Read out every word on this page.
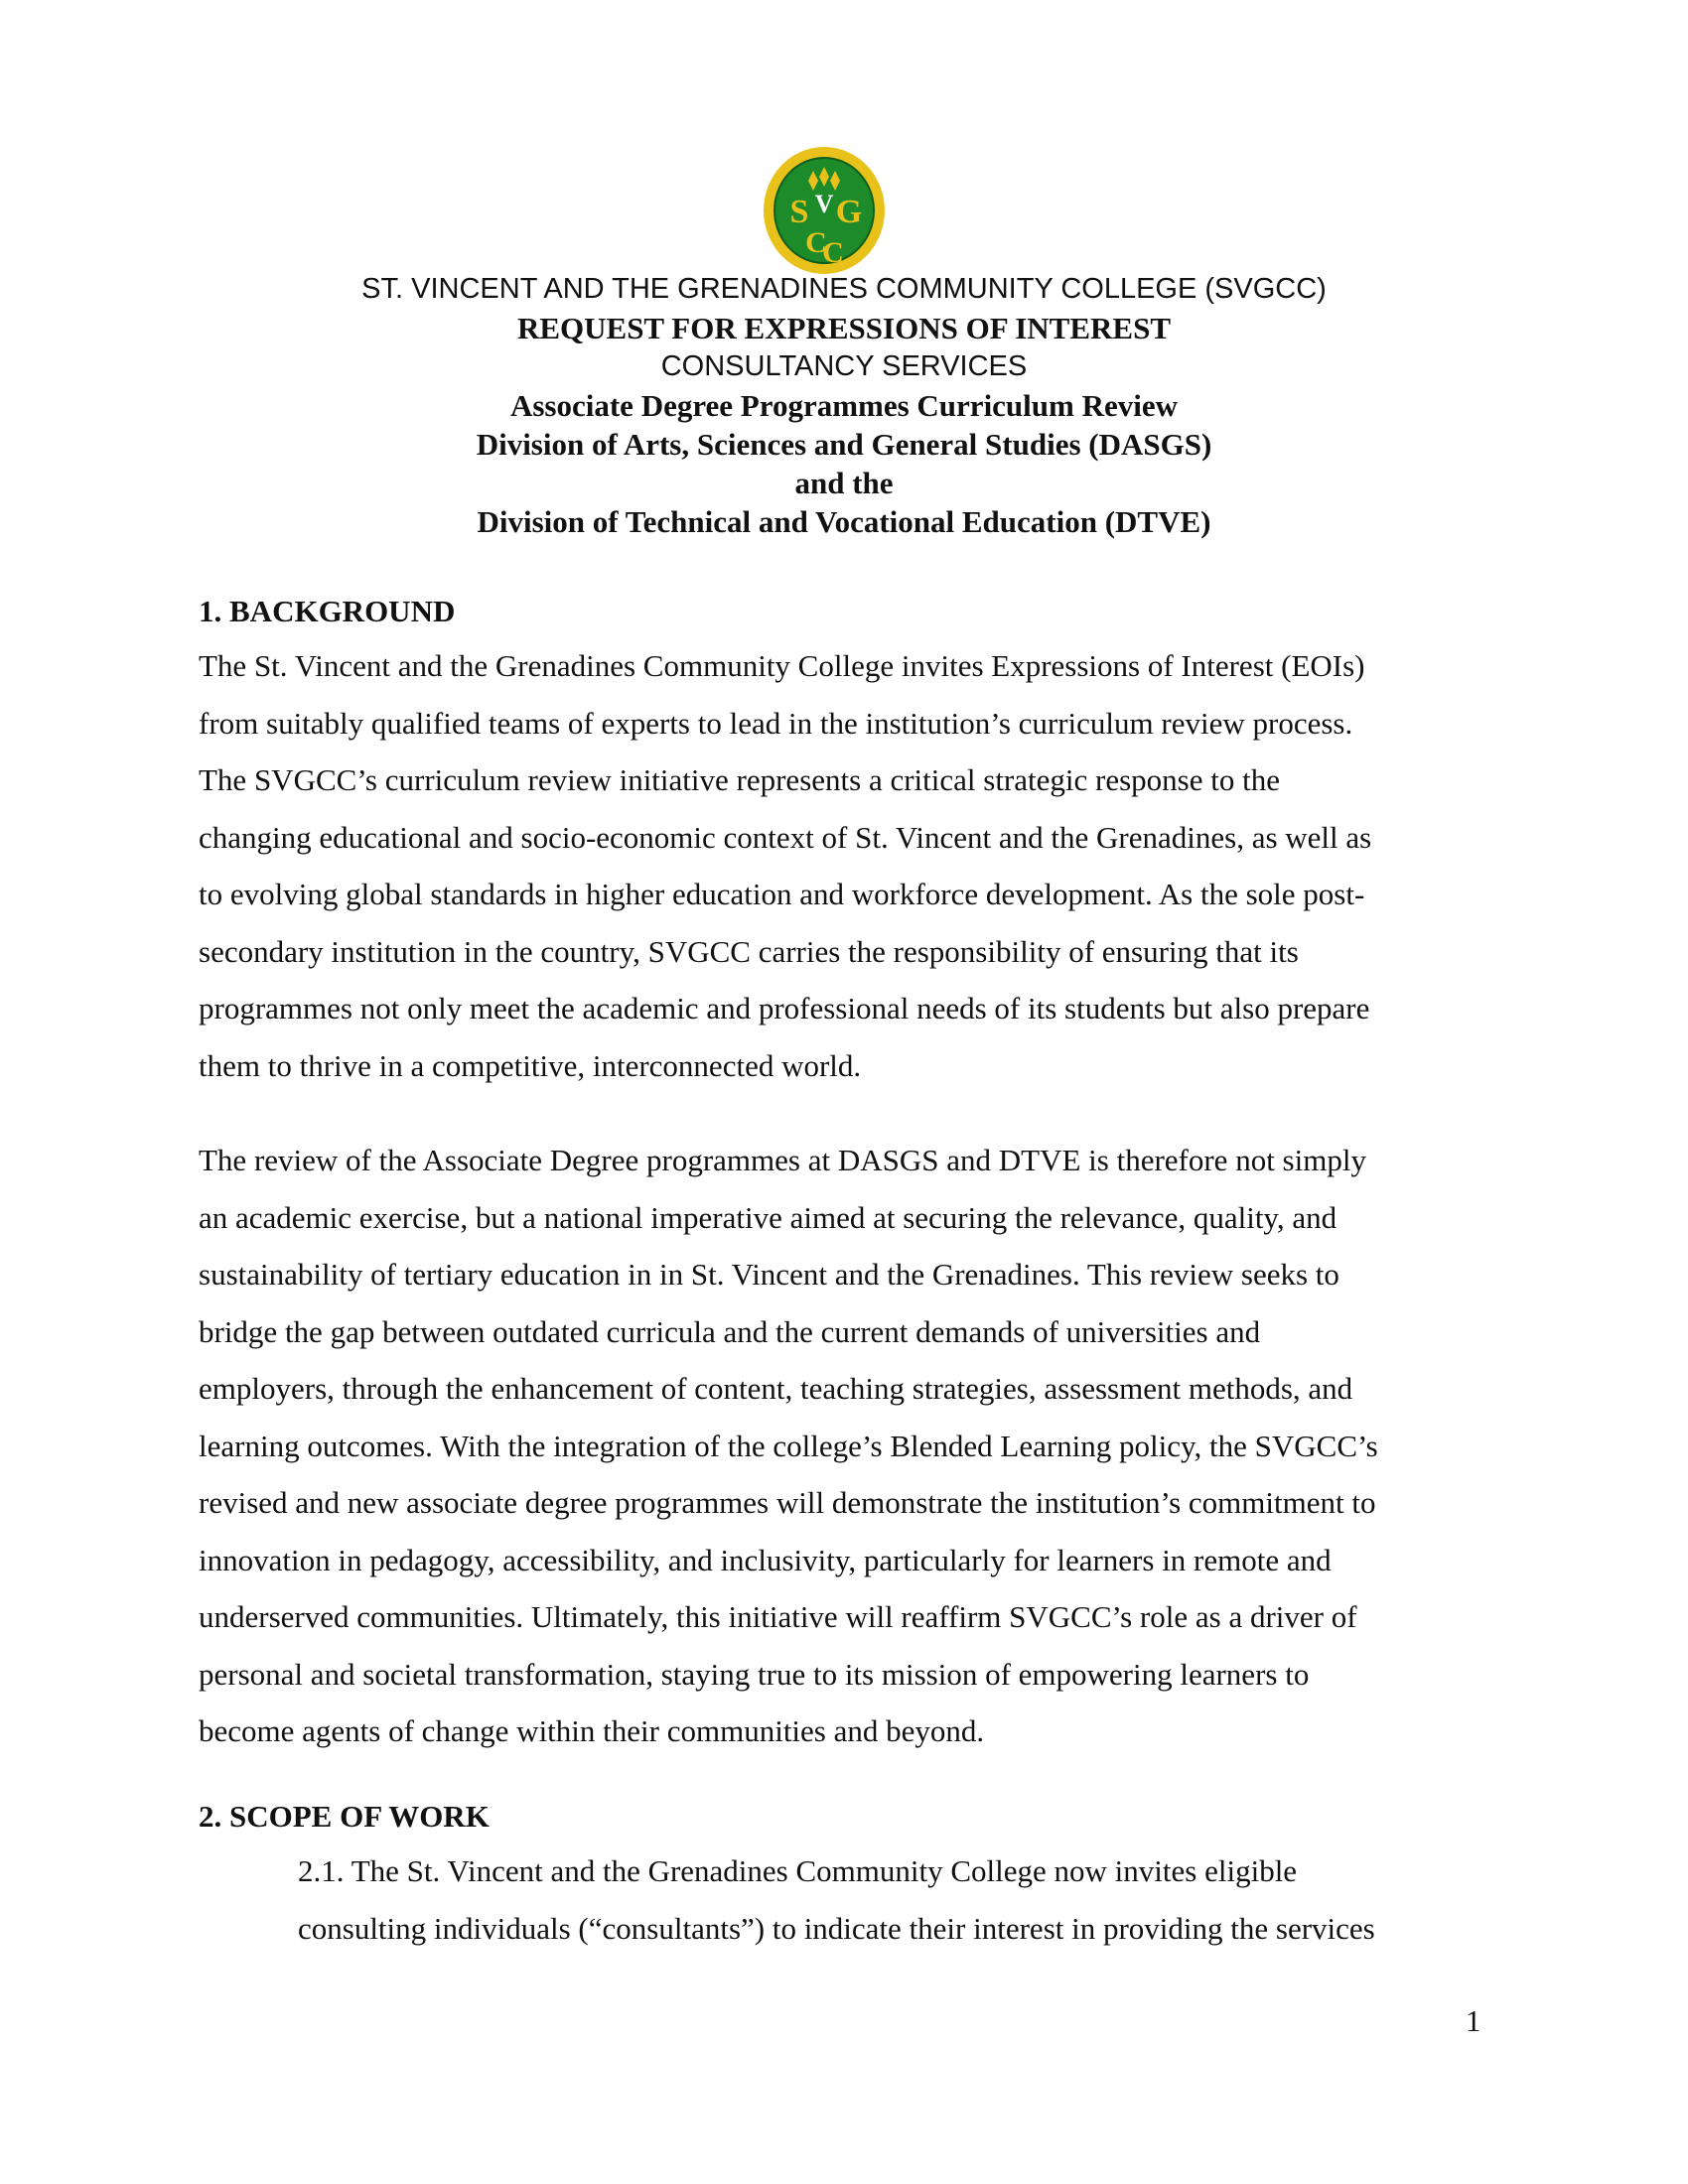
S V G
C
C
ST. VINCENT AND THE GRENADINES COMMUNITY COLLEGE (SVGCC)
REQUEST FOR EXPRESSIONS OF INTEREST
CONSULTANCY SERVICES
Associate Degree Programmes Curriculum Review
Division of Arts, Sciences and General Studies (DASGS)
and the
Division of Technical and Vocational Education (DTVE)
1. BACKGROUND
The St. Vincent and the Grenadines Community College invites Expressions of Interest (EOIs)
from suitably qualified teams of experts to lead in the institution’s curriculum review process.
The SVGCC’s curriculum review initiative represents a critical strategic response to the
changing educational and socio-economic context of St. Vincent and the Grenadines, as well as
to evolving global standards in higher education and workforce development. As the sole post-
secondary institution in the country, SVGCC carries the responsibility of ensuring that its
programmes not only meet the academic and professional needs of its students but also prepare
them to thrive in a competitive, interconnected world.
The review of the Associate Degree programmes at DASGS and DTVE is therefore not simply
an academic exercise, but a national imperative aimed at securing the relevance, quality, and
sustainability of tertiary education in in St. Vincent and the Grenadines. This review seeks to
bridge the gap between outdated curricula and the current demands of universities and
employers, through the enhancement of content, teaching strategies, assessment methods, and
learning outcomes. With the integration of the college’s Blended Learning policy, the SVGCC’s
revised and new associate degree programmes will demonstrate the institution’s commitment to
innovation in pedagogy, accessibility, and inclusivity, particularly for learners in remote and
underserved communities. Ultimately, this initiative will reaffirm SVGCC’s role as a driver of
personal and societal transformation, staying true to its mission of empowering learners to
become agents of change within their communities and beyond.
2. SCOPE OF WORK
2.1. The St. Vincent and the Grenadines Community College now invites eligible
consulting individuals (“consultants”) to indicate their interest in providing the services
1
